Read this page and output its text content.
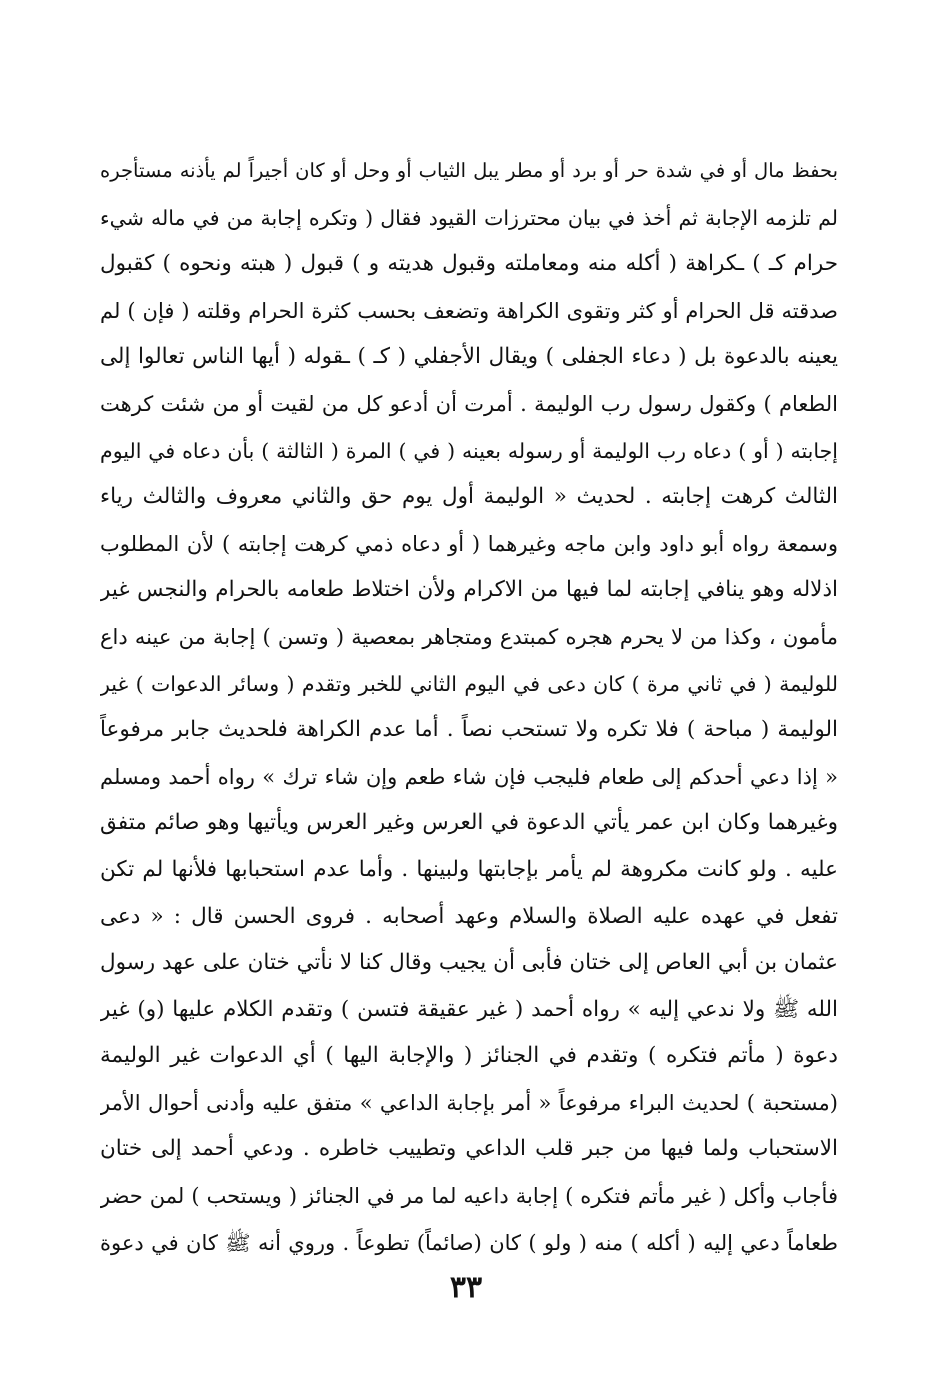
بحفظ مال أو في شدة حر أو برد أو مطر يبل الثياب أو وحل أو كان أجيراً لم يأذنه مستأجره
لم تلزمه الإجابة ثم أخذ في بيان محترزات القيود فقال ( وتكره إجابة من في ماله شيء
حرام كـ ) ـكراهة ( أكله منه ومعاملته وقبول هديته و ) قبول ( هبته ونحوه ) كقبول
صدقته قل الحرام أو كثر وتقوى الكراهة وتضعف بحسب كثرة الحرام وقلته ( فإن ) لم
يعينه بالدعوة بل ( دعاء الجفلى ) ويقال الأجفلي ( كـ ) ـقوله ( أيها الناس تعالوا إلى
الطعام ) وكقول رسول رب الوليمة . أمرت أن أدعو كل من لقيت أو من شئت كرهت
إجابته ( أو ) دعاه رب الوليمة أو رسوله بعينه ( في ) المرة ( الثالثة ) بأن دعاه في اليوم
الثالث كرهت إجابته . لحديث « الوليمة أول يوم حق والثاني معروف والثالث رياء
وسمعة رواه أبو داود وابن ماجه وغيرهما ( أو دعاه ذمي كرهت إجابته ) لأن المطلوب
اذلاله وهو ينافي إجابته لما فيها من الاكرام ولأن اختلاط طعامه بالحرام والنجس غير
مأمون ، وكذا من لا يحرم هجره كمبتدع ومتجاهر بمعصية ( وتسن ) إجابة من عينه داع
للوليمة ( في ثاني مرة ) كان دعى في اليوم الثاني للخبر وتقدم ( وسائر الدعوات ) غير
الوليمة ( مباحة ) فلا تكره ولا تستحب نصاً . أما عدم الكراهة فلحديث جابر مرفوعاً
« إذا دعي أحدكم إلى طعام فليجب فإن شاء طعم وإن شاء ترك » رواه أحمد ومسلم
وغيرهما وكان ابن عمر يأتي الدعوة في العرس وغير العرس ويأتيها وهو صائم متفق
عليه . ولو كانت مكروهة لم يأمر بإجابتها ولبينها . وأما عدم استحبابها فلأنها لم تكن
تفعل في عهده عليه الصلاة والسلام وعهد أصحابه . فروى الحسن قال : « دعى
عثمان بن أبي العاص إلى ختان فأبى أن يجيب وقال كنا لا نأتي ختان على عهد رسول
الله ﷺ ولا ندعي إليه » رواه أحمد ( غير عقيقة فتسن ) وتقدم الكلام عليها (و) غير
دعوة ( مأتم فتكره ) وتقدم في الجنائز ( والإجابة اليها ) أي الدعوات غير الوليمة
(مستحبة ) لحديث البراء مرفوعاً « أمر بإجابة الداعي » متفق عليه وأدنى أحوال الأمر
الاستحباب ولما فيها من جبر قلب الداعي وتطييب خاطره . ودعي أحمد إلى ختان
فأجاب وأكل ( غير مأتم فتكره ) إجابة داعيه لما مر في الجنائز ( ويستحب ) لمن حضر
طعاماً دعي إليه ( أكله ) منه ( ولو ) كان (صائماً) تطوعاً . وروي أنه ﷺ كان في دعوة
٣٣
